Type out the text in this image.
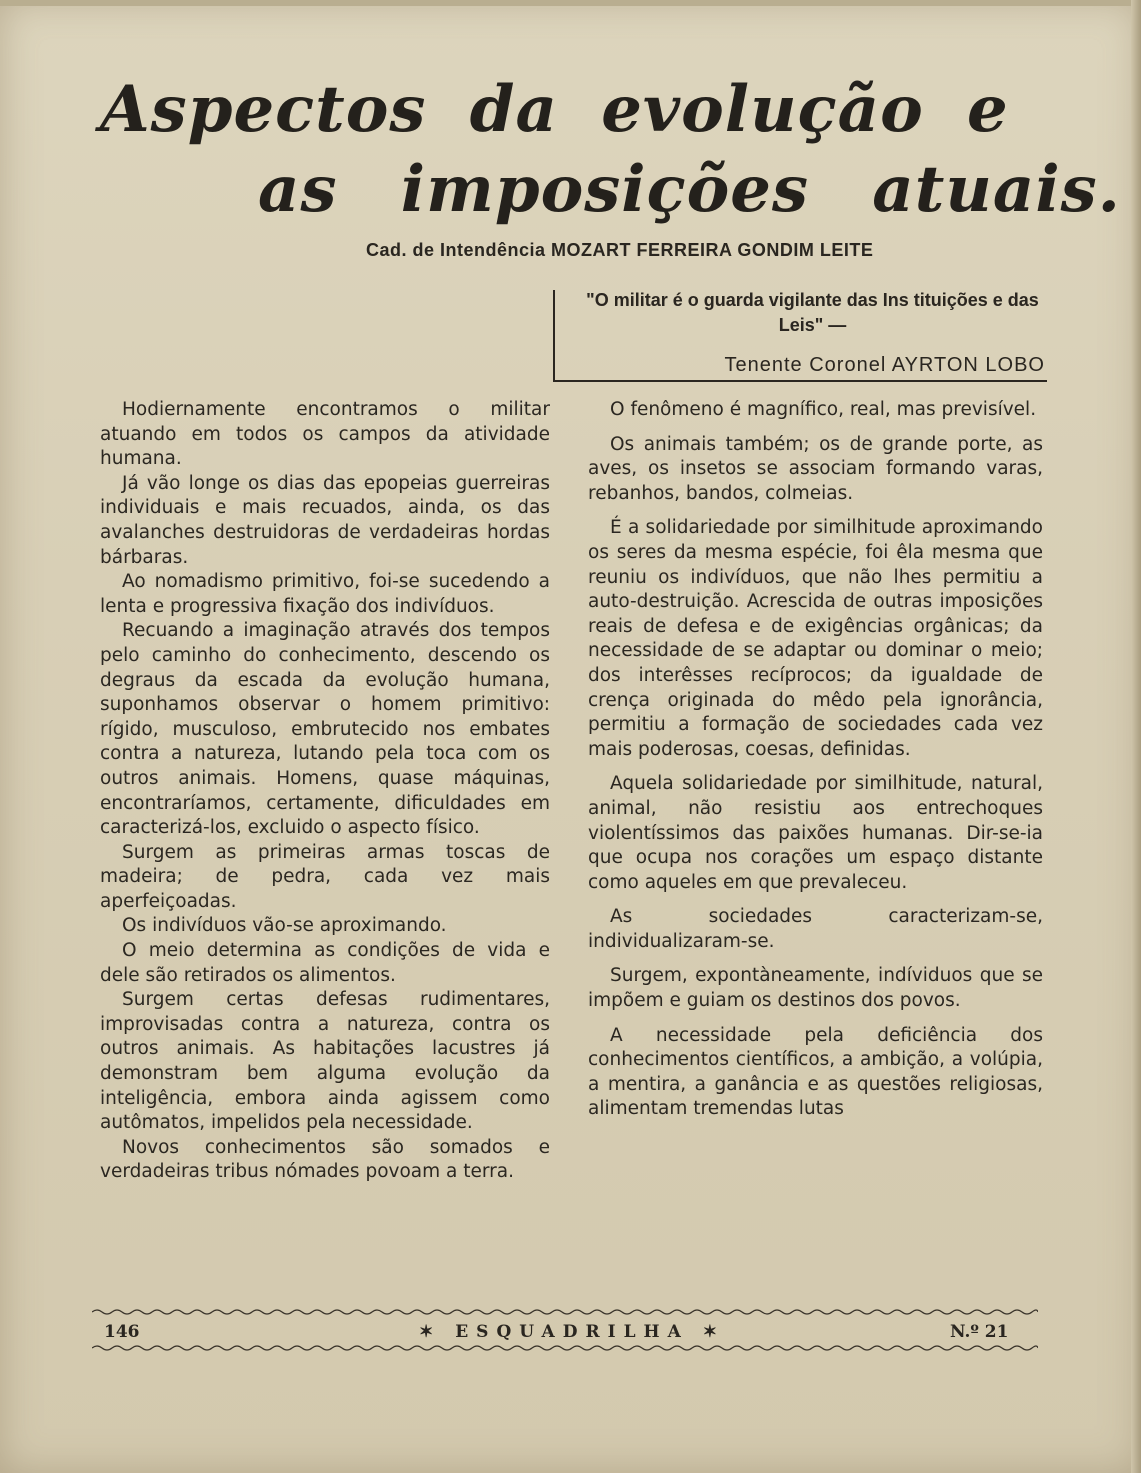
Aspectos da evolução e
as imposições atuais.
Cad. de Intendência MOZART FERREIRA GONDIM LEITE

"O militar é o guarda vigilante das Ins tituições e das Leis" —

Tenente Coronel AYRTON LOBO

Hodiernamente encontramos o militar atuando em todos os campos da atividade humana.

Já vão longe os dias das epopeias guerreiras individuais e mais recuados, ainda, os das avalanches destruidoras de verdadeiras hordas bárbaras.

Ao nomadismo primitivo, foi-se sucedendo a lenta e progressiva fixação dos indivíduos.

Recuando a imaginação através dos tempos pelo caminho do conhecimento, descendo os degraus da escada da evolução humana, suponhamos observar o homem primitivo: rígido, musculoso, embrutecido nos embates contra a natureza, lutando pela toca com os outros animais. Homens, quase máquinas, encontraríamos, certamente, dificuldades em caracterizá-los, excluido o aspecto físico.

Surgem as primeiras armas toscas de madeira; de pedra, cada vez mais aperfeiçoadas.

Os indivíduos vão-se aproximando.

O meio determina as condições de vida e dele são retirados os alimentos.

Surgem certas defesas rudimentares, improvisadas contra a natureza, contra os outros animais. As habitações lacustres já demonstram bem alguma evolução da inteligência, embora ainda agissem como autômatos, impelidos pela necessidade.

Novos conhecimentos são somados e verdadeiras tribus nómades povoam a terra.

O fenômeno é magnífico, real, mas previsível.

Os animais também; os de grande porte, as aves, os insetos se associam formando varas, rebanhos, bandos, colmeias.

É a solidariedade por similhitude aproximando os seres da mesma espécie, foi êla mesma que reuniu os indivíduos, que não lhes permitiu a auto-destruição. Acrescida de outras imposições reais de defesa e de exigências orgânicas; da necessidade de se adaptar ou dominar o meio; dos interêsses recíprocos; da igualdade de crença originada do mêdo pela ignorância, permitiu a formação de sociedades cada vez mais poderosas, coesas, definidas.

Aquela solidariedade por similhitude, natural, animal, não resistiu aos entrechoques violentíssimos das paixões humanas. Dir-se-ia que ocupa nos corações um espaço distante como aqueles em que prevaleceu.

As sociedades caracterizam-se, individualizaram-se.

Surgem, expontàneamente, indíviduos que se impõem e guiam os destinos dos povos.

A necessidade pela deficiência dos conhecimentos científicos, a ambição, a volúpia, a mentira, a ganância e as questões religiosas, alimentam tremendas lutas

146	✶ ESQUADRILHA ✶	N.º 21
